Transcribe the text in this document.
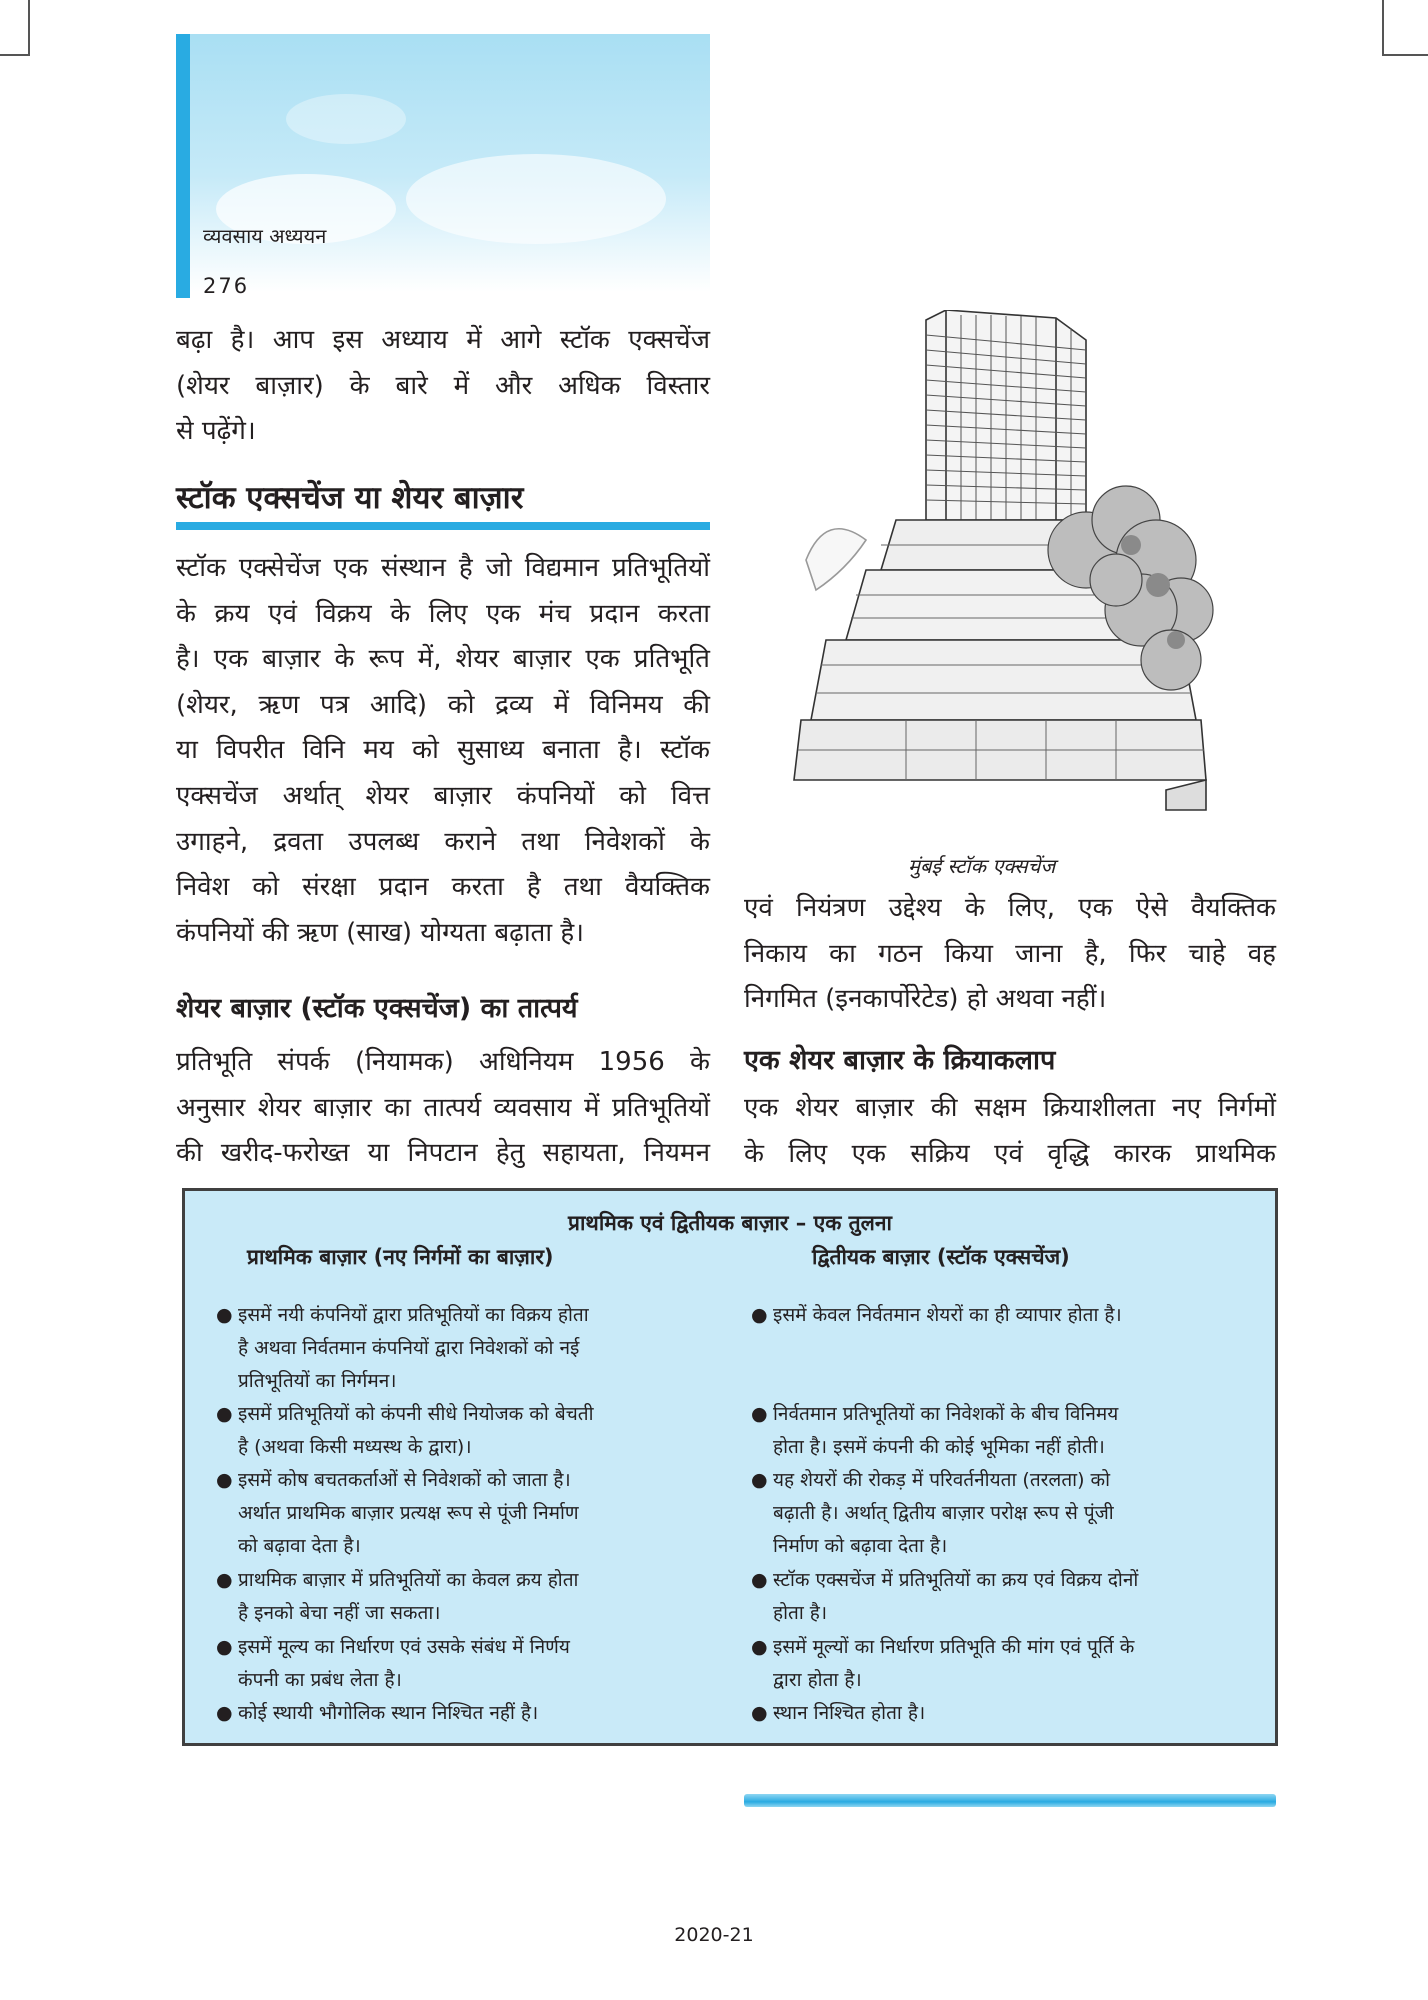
व्यवसाय अध्ययन
276
बढ़ा है। आप इस अध्याय में आगे स्टॉक एक्सचेंज
(शेयर बाज़ार) के बारे में और अधिक विस्तार
से पढ़ेंगे।
स्टॉक एक्सचेंज या शेयर बाज़ार
स्टॉक एक्सेचेंज एक संस्थान है जो विद्यमान प्रतिभूतियों
के क्रय एवं विक्रय के लिए एक मंच प्रदान करता
है। एक बाज़ार के रूप में, शेयर बाज़ार एक प्रतिभूति
(शेयर, ऋण पत्र आदि) को द्रव्य में विनिमय की
या विपरीत विनि मय को सुसाध्य बनाता है। स्टॉक
एक्सचेंज अर्थात् शेयर बाज़ार कंपनियों को वित्त
उगाहने, द्रवता उपलब्ध कराने तथा निवेशकों के
निवेश को संरक्षा प्रदान करता है तथा वैयक्तिक
कंपनियों की ऋण (साख) योग्यता बढ़ाता है।
शेयर बाज़ार (स्टॉक एक्सचेंज) का तात्पर्य
प्रतिभूति संपर्क (नियामक) अधिनियम 1956 के
अनुसार शेयर बाज़ार का तात्पर्य व्यवसाय में प्रतिभूतियों
की खरीद-फरोख्त या निपटान हेतु सहायता, नियमन
मुंबई स्टॉक एक्सचेंज
एवं नियंत्रण उद्देश्य के लिए, एक ऐसे वैयक्तिक
निकाय का गठन किया जाना है, फिर चाहे वह
निगमित (इनकार्पोरेटेड) हो अथवा नहीं।
एक शेयर बाज़ार के क्रियाकलाप
एक शेयर बाज़ार की सक्षम क्रियाशीलता नए निर्गमों
के लिए एक सक्रिय एवं वृद्धि कारक प्राथमिक
प्राथमिक एवं द्वितीयक बाज़ार – एक तुलना
प्राथमिक बाज़ार (नए निर्गमों का बाज़ार)	द्वितीयक बाज़ार (स्टॉक एक्सचेंज)
● इसमें नयी कंपनियों द्वारा प्रतिभूतियों का विक्रय होता
है अथवा निर्वतमान कंपनियों द्वारा निवेशकों को नई
प्रतिभूतियों का निर्गमन।
● इसमें प्रतिभूतियों को कंपनी सीधे नियोजक को बेचती
है (अथवा किसी मध्यस्थ के द्वारा)।
● इसमें कोष बचतकर्ताओं से निवेशकों को जाता है।
अर्थात प्राथमिक बाज़ार प्रत्यक्ष रूप से पूंजी निर्माण
को बढ़ावा देता है।
● प्राथमिक बाज़ार में प्रतिभूतियों का केवल क्रय होता
है इनको बेचा नहीं जा सकता।
● इसमें मूल्य का निर्धारण एवं उसके संबंध में निर्णय
कंपनी का प्रबंध लेता है।
● कोई स्थायी भौगोलिक स्थान निश्चित नहीं है।
● इसमें केवल निर्वतमान शेयरों का ही व्यापार होता है।
● निर्वतमान प्रतिभूतियों का निवेशकों के बीच विनिमय
होता है। इसमें कंपनी की कोई भूमिका नहीं होती।
● यह शेयरों की रोकड़ में परिवर्तनीयता (तरलता) को
बढ़ाती है। अर्थात् द्वितीय बाज़ार परोक्ष रूप से पूंजी
निर्माण को बढ़ावा देता है।
● स्टॉक एक्सचेंज में प्रतिभूतियों का क्रय एवं विक्रय दोनों
होता है।
● इसमें मूल्यों का निर्धारण प्रतिभूति की मांग एवं पूर्ति के
द्वारा होता है।
● स्थान निश्चित होता है।
2020-21
